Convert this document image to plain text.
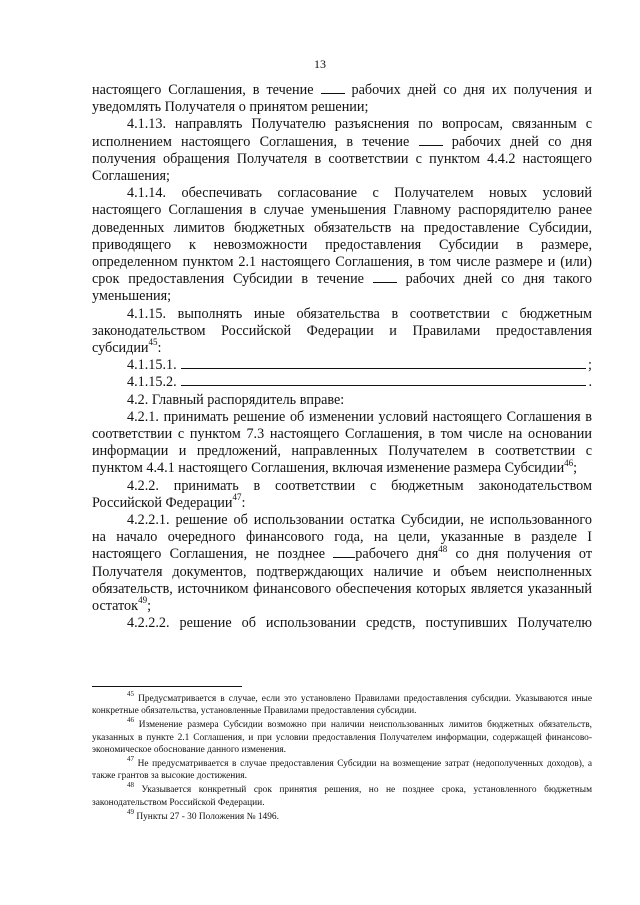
13

настоящего Соглашения, в течение	рабочих дней со дня их получения и уведомлять Получателя о принятом решении;

4.1.13. направлять Получателю разъяснения по вопросам, связанным с исполнением настоящего Соглашения, в течение	рабочих дней со дня получения обращения Получателя в соответствии с пунктом 4.4.2 настоящего Соглашения;

4.1.14. обеспечивать согласование с Получателем новых условий настоящего Соглашения в случае уменьшения Главному распорядителю ранее доведенных лимитов бюджетных обязательств на предоставление Субсидии, приводящего к невозможности предоставления Субсидии в размере, определенном пунктом 2.1 настоящего Соглашения, в том числе размере и (или) срок предоставления Субсидии в течение	рабочих дней со дня такого уменьшения;

4.1.15. выполнять иные обязательства в соответствии с бюджетным законодательством Российской Федерации и Правилами предоставления субсидии$^{45}$:

4.1.15.1.	;
4.1.15.2.	.

4.2. Главный распорядитель вправе:

4.2.1. принимать решение об изменении условий настоящего Соглашения в соответствии с пунктом 7.3 настоящего Соглашения, в том числе на основании информации и предложений, направленных Получателем в соответствии с пунктом 4.4.1 настоящего Соглашения, включая изменение размера Субсидии$^{46}$;

4.2.2. принимать в соответствии с бюджетным законодательством Российской Федерации$^{47}$:

4.2.2.1. решение об использовании остатка Субсидии, не использованного на начало очередного финансового года, на цели, указанные в разделе I настоящего Соглашения, не позднее рабочего дня$^{48}$ со дня получения от Получателя документов, подтверждающих наличие и объем неисполненных обязательств, источником финансового обеспечения которых является указанный остаток$^{49}$;

4.2.2.2. решение об использовании средств, поступивших Получателю

$^{45}$ Предусматривается в случае, если это установлено Правилами предоставления субсидии. Указываются иные конкретные обязательства, установленные Правилами предоставления субсидии.

$^{46}$ Изменение размера Субсидии возможно при наличии неиспользованных лимитов бюджетных обязательств, указанных в пункте 2.1 Соглашения, и при условии предоставления Получателем информации, содержащей финансово-экономическое обоснование данного изменения.

$^{47}$ Не предусматривается в случае предоставления Субсидии на возмещение затрат (недополученных доходов), а также грантов за высокие достижения.

$^{48}$ Указывается конкретный срок принятия решения, но не позднее срока, установленного бюджетным законодательством Российской Федерации.

$^{49}$ Пункты 27 - 30 Положения № 1496.
